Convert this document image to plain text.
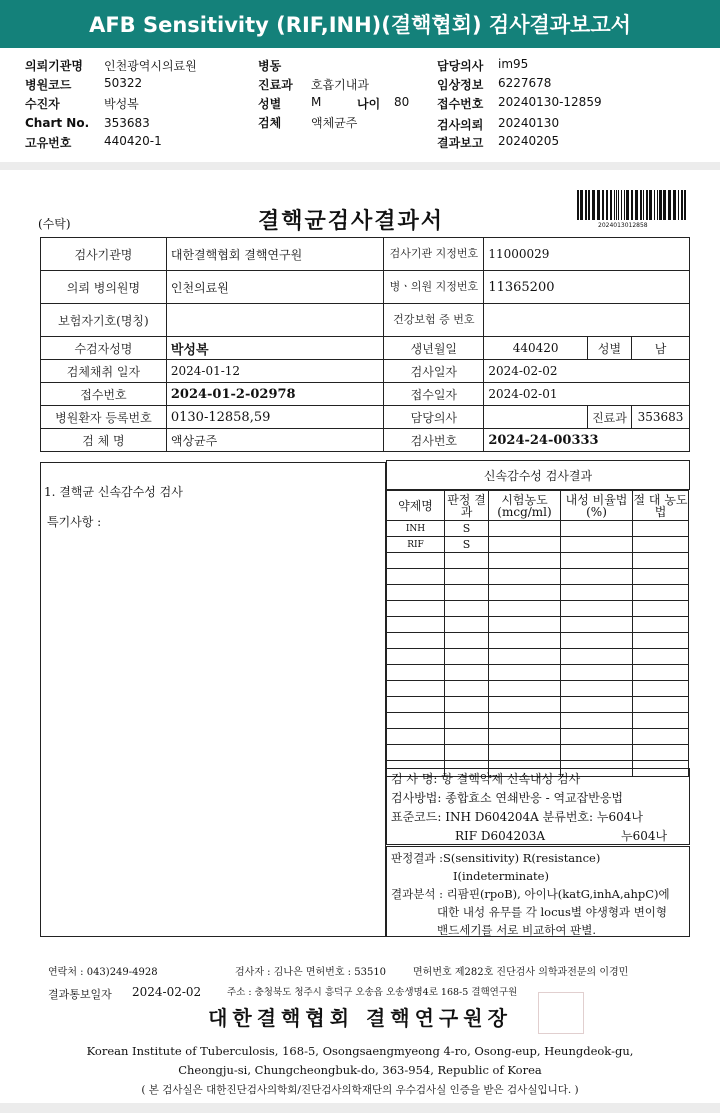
AFB Sensitivity (RIF,INH)(결핵협회) 검사결과보고서
의뢰기관명 인천광역시의료원
병원코드	50322
수진자	박성복
Chart No. 353683
고유번호	440420-1
병동
진료과 호흡기내과
성별 M	나이 80
검체 액체균주
담당의사 im95
임상정보 6227678
접수번호 20240130-12859
검사의뢰 20240130
결과보고 20240205
(수탁)	결핵균검사결과서	2024013012858
검사기관명	대한결핵협회 결핵연구원	검사기관 지정번호	11000029		
의뢰 병의원명	인천의료원	병ㆍ의원 지정번호	11365200		
보험자기호(명칭)		건강보험 증 번호			
수검자성명	박성복	생년월일	440420	성별	남
검체채취 일자	2024-01-12	검사일자	2024-02-02		
접수번호	2024-01-2-02978	접수일자	2024-02-01		
병원환자 등록번호	0130-12858,59	담당의사		진료과	353683
검 체 명	액상균주	검사번호	2024-24-00333		
1. 결핵균 신속감수성 검사
특기사항 :
신속감수성 검사결과
약제명	판정 결과	시험농도 (mcg/ml)	내성 비율법(%)	절 대 농도법
INH	S			
RIF	S			

검 사 명: 항 결핵약제 신속내성 검사
검사방법: 종합효소 연쇄반응 - 역교잡반응법
표준코드: INH D604204A 분류번호: 누604나
RIF D604203A	누604나
판정결과 :S(sensitivity) R(resistance)
I(indeterminate)
결과분석 : 리팜핀(rpoB), 아이나(katG,inhA,ahpC)에
대한 내성 유무를 각 locus별 야생형과 변이형
밴드세기를 서로 비교하여 판별.
연락처 : 043)249-4928	검사자 : 김나은 면허번호 : 53510	면허번호 제282호 진단검사 의학과전문의 이경민
결과통보일자 2024-02-02	주소 : 충청북도 청주시 흥덕구 오송읍 오송생명4로 168-5 결핵연구원
대한결핵협회 결핵연구원장
Korean Institute of Tuberculosis, 168-5, Osongsaengmyeong 4-ro, Osong-eup, Heungdeok-gu,
Cheongju-si, Chungcheongbuk-do, 363-954, Republic of Korea
( 본 검사실은 대한진단검사의학회/진단검사의학재단의 우수검사실 인증을 받은 검사실입니다. )
